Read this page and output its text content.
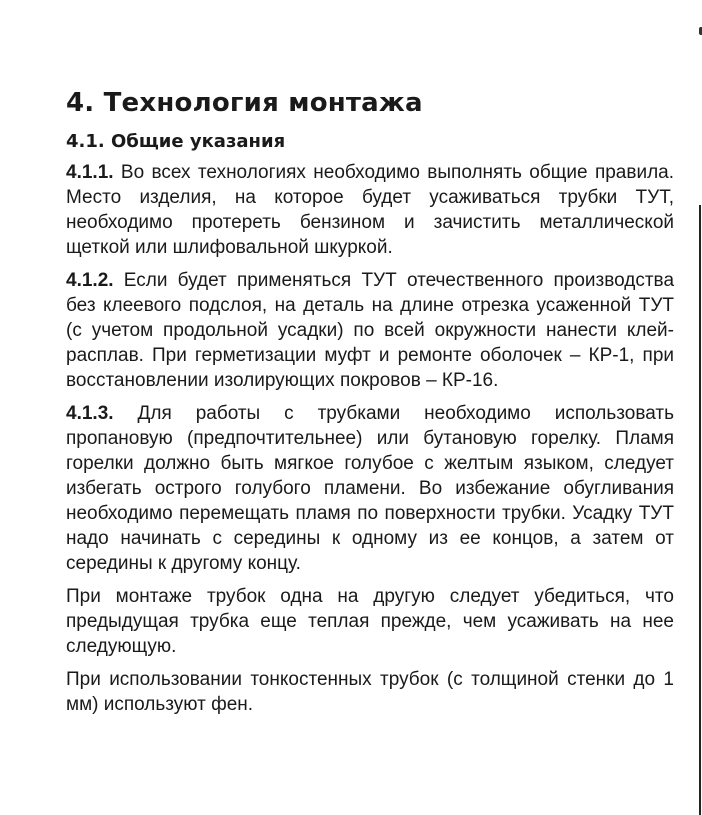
4. Технология монтажа
4.1. Общие указания

4.1.1. Во всех технологиях необходимо выполнять общие правила. Место изделия, на которое будет усаживаться трубки ТУТ, необходимо протереть бензином и зачистить металлической щеткой или шлифовальной шкуркой.

4.1.2. Если будет применяться ТУТ отечественного производства без клеевого подслоя, на деталь на длине отрезка усаженной ТУТ (с учетом продольной усадки) по всей окружности нанести клей-расплав. При герметизации муфт и ремонте оболочек – КР-1, при восстановлении изолирующих покровов – КР-16.

4.1.3. Для работы с трубками необходимо использовать пропановую (предпочтительнее) или бутановую горелку. Пламя горелки должно быть мягкое голубое с желтым языком, следует избегать острого голубого пламени. Во избежание обугливания необходимо перемещать пламя по поверхности трубки. Усадку ТУТ надо начинать с середины к одному из ее концов, а затем от середины к другому концу.

При монтаже трубок одна на другую следует убедиться, что предыдущая трубка еще теплая прежде, чем усаживать на нее следующую.

При использовании тонкостенных трубок (с толщиной стенки до 1 мм) используют фен.
